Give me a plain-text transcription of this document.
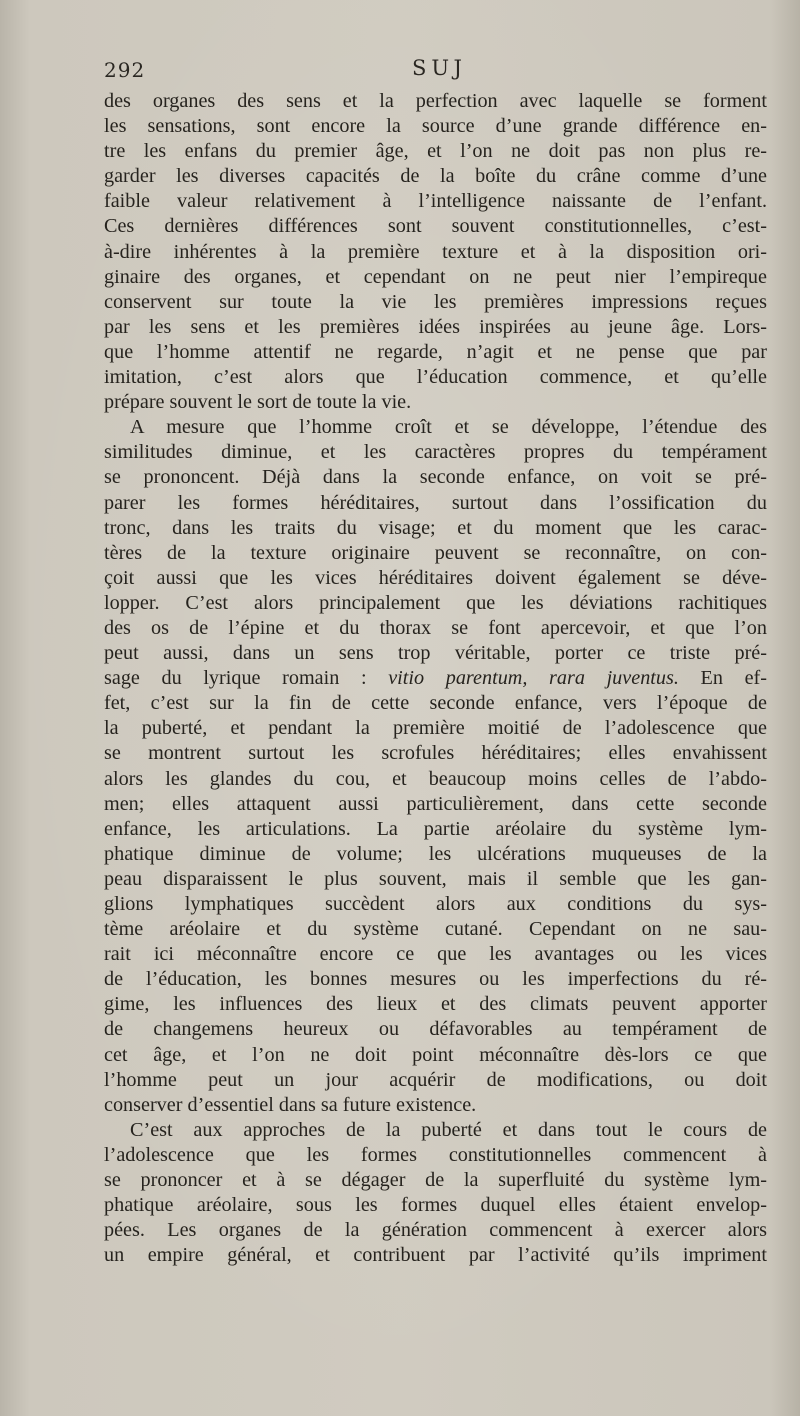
292	SUJ
des organes des sens et la perfection avec laquelle se forment
les sensations, sont encore la source d’une grande différence en-
tre les enfans du premier âge, et l’on ne doit pas non plus re-
garder les diverses capacités de la boîte du crâne comme d’une
faible valeur relativement à l’intelligence naissante de l’enfant.
Ces dernières différences sont souvent constitutionnelles, c’est-
à-dire inhérentes à la première texture et à la disposition ori-
ginaire des organes, et cependant on ne peut nier l’empireque
conservent sur toute la vie les premières impressions reçues
par les sens et les premières idées inspirées au jeune âge. Lors-
que l’homme attentif ne regarde, n’agit et ne pense que par
imitation, c’est alors que l’éducation commence, et qu’elle
prépare souvent le sort de toute la vie.
A mesure que l’homme croît et se développe, l’étendue des
similitudes diminue, et les caractères propres du tempérament
se prononcent. Déjà dans la seconde enfance, on voit se pré-
parer les formes héréditaires, surtout dans l’ossification du
tronc, dans les traits du visage; et du moment que les carac-
tères de la texture originaire peuvent se reconnaître, on con-
çoit aussi que les vices héréditaires doivent également se déve-
lopper. C’est alors principalement que les déviations rachitiques
des os de l’épine et du thorax se font apercevoir, et que l’on
peut aussi, dans un sens trop véritable, porter ce triste pré-
sage du lyrique romain : vitio parentum, rara juventus. En ef-
fet, c’est sur la fin de cette seconde enfance, vers l’époque de
la puberté, et pendant la première moitié de l’adolescence que
se montrent surtout les scrofules héréditaires; elles envahissent
alors les glandes du cou, et beaucoup moins celles de l’abdo-
men; elles attaquent aussi particulièrement, dans cette seconde
enfance, les articulations. La partie aréolaire du système lym-
phatique diminue de volume; les ulcérations muqueuses de la
peau disparaissent le plus souvent, mais il semble que les gan-
glions lymphatiques succèdent alors aux conditions du sys-
tème aréolaire et du système cutané. Cependant on ne sau-
rait ici méconnaître encore ce que les avantages ou les vices
de l’éducation, les bonnes mesures ou les imperfections du ré-
gime, les influences des lieux et des climats peuvent apporter
de changemens heureux ou défavorables au tempérament de
cet âge, et l’on ne doit point méconnaître dès-lors ce que
l’homme peut un jour acquérir de modifications, ou doit
conserver d’essentiel dans sa future existence.
C’est aux approches de la puberté et dans tout le cours de
l’adolescence que les formes constitutionnelles commencent à
se prononcer et à se dégager de la superfluité du système lym-
phatique aréolaire, sous les formes duquel elles étaient envelop-
pées. Les organes de la génération commencent à exercer alors
un empire général, et contribuent par l’activité qu’ils impriment
